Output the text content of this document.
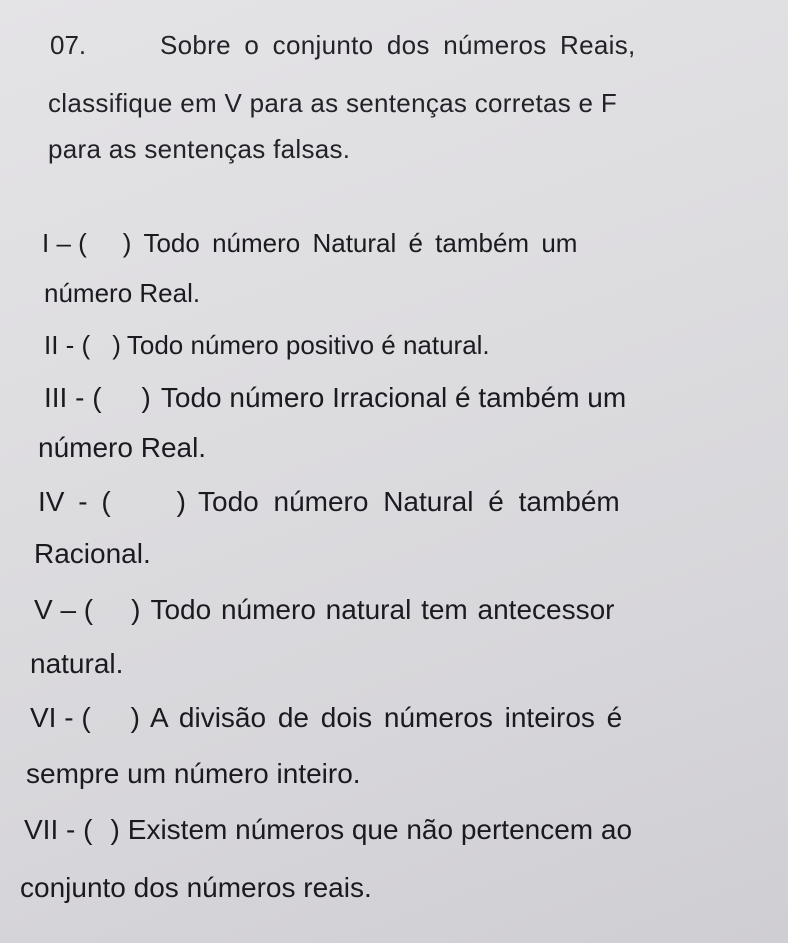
07.	Sobre o conjunto dos números Reais,
classifique em V para as sentenças corretas e F
para as sentenças falsas.
I – ( ) Todo número Natural é também um
número Real.
II - ( ) Todo número positivo é natural.
III - ( ) Todo número Irracional é também um
número Real.
IV - ( ) Todo número Natural é também
Racional.
V – ( ) Todo número natural tem antecessor
natural.
VI - ( ) A divisão de dois números inteiros é
sempre um número inteiro.
VII - ( ) Existem números que não pertencem ao
conjunto dos números reais.
